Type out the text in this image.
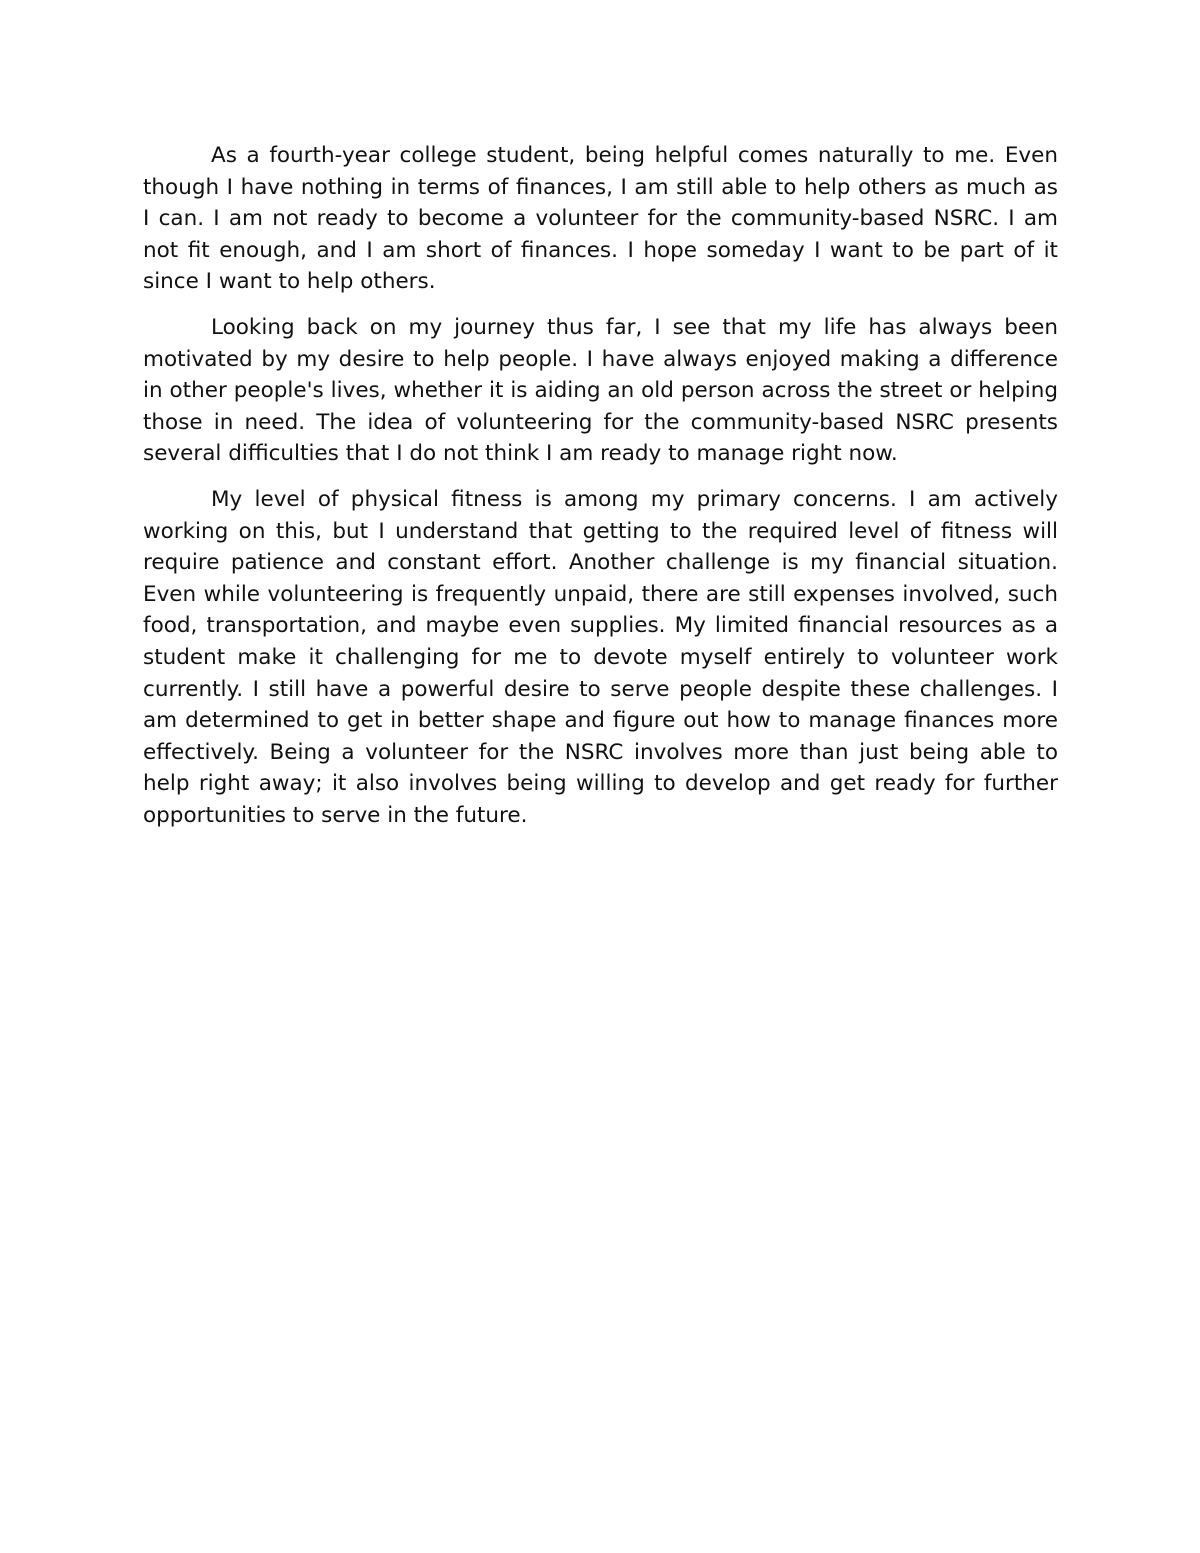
As a fourth-year college student, being helpful comes naturally to me. Even though I have nothing in terms of finances, I am still able to help others as much as I can. I am not ready to become a volunteer for the community-based NSRC. I am not fit enough, and I am short of finances. I hope someday I want to be part of it since I want to help others.

Looking back on my journey thus far, I see that my life has always been motivated by my desire to help people. I have always enjoyed making a difference in other people's lives, whether it is aiding an old person across the street or helping those in need. The idea of volunteering for the community-based NSRC presents several difficulties that I do not think I am ready to manage right now.

My level of physical fitness is among my primary concerns. I am actively working on this, but I understand that getting to the required level of fitness will require patience and constant effort. Another challenge is my financial situation. Even while volunteering is frequently unpaid, there are still expenses involved, such food, transportation, and maybe even supplies. My limited financial resources as a student make it challenging for me to devote myself entirely to volunteer work currently. I still have a powerful desire to serve people despite these challenges. I am determined to get in better shape and figure out how to manage finances more effectively. Being a volunteer for the NSRC involves more than just being able to help right away; it also involves being willing to develop and get ready for further opportunities to serve in the future.
